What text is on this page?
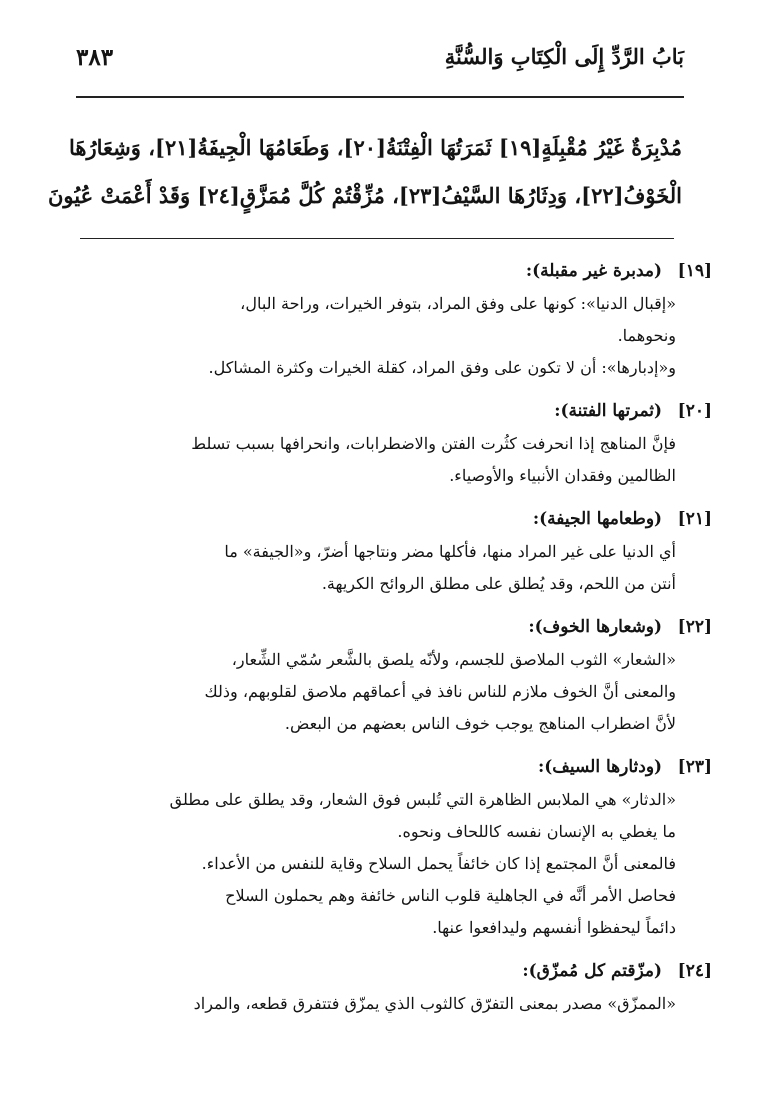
بَابُ الرَّدِّ إِلَى الْكِتَابِ وَالسُّنَّةِ
٣٨٣
مُدْبِرَةٌ غَيْرُ مُقْبِلَةٍ[١٩] ثَمَرَتُهَا الْفِتْنَةُ[٢٠]، وَطَعَامُهَا الْجِيفَةُ[٢١]، وَشِعَارُهَا
الْخَوْفُ[٢٢]، وَدِثَارُهَا السَّيْفُ[٢٣]، مُزِّقْتُمْ كُلَّ مُمَزَّقٍ[٢٤] وَقَدْ أَعْمَتْ عُيُونَ
[١٩] (مدبرة غير مقبلة):
«إقبال الدنيا»: كونها على وفق المراد، بتوفر الخيرات، وراحة البال،
ونحوهما.
و«إدبارها»: أن لا تكون على وفق المراد، كقلة الخيرات وكثرة المشاكل.
[٢٠] (ثمرتها الفتنة):
فإنَّ المناهج إذا انحرفت كثُرت الفتن والاضطرابات، وانحرافها بسبب تسلط
الظالمين وفقدان الأنبياء والأوصياء.
[٢١] (وطعامها الجيفة):
أي الدنيا على غير المراد منها، فأكلها مضر ونتاجها أضرّ، و«الجيفة» ما
أنتن من اللحم، وقد يُطلق على مطلق الروائح الكريهة.
[٢٢] (وشعارها الخوف):
«الشعار» الثوب الملاصق للجسم، ولأنّه يلصق بالشَّعر سُمّي الشِّعار،
والمعنى أنَّ الخوف ملازم للناس نافذ في أعماقهم ملاصق لقلوبهم، وذلك
لأنَّ اضطراب المناهج يوجب خوف الناس بعضهم من البعض.
[٢٣] (ودثارها السيف):
«الدثار» هي الملابس الظاهرة التي تُلبس فوق الشعار، وقد يطلق على مطلق
ما يغطي به الإنسان نفسه كاللحاف ونحوه.
فالمعنى أنَّ المجتمع إذا كان خائفاً يحمل السلاح وقاية للنفس من الأعداء.
فحاصل الأمر أنَّه في الجاهلية قلوب الناس خائفة وهم يحملون السلاح
دائماً ليحفظوا أنفسهم وليدافعوا عنها.
[٢٤] (مزّقتم كل مُمزّق):
«الممزّق» مصدر بمعنى التفرّق كالثوب الذي يمزّق فتتفرق قطعه، والمراد
